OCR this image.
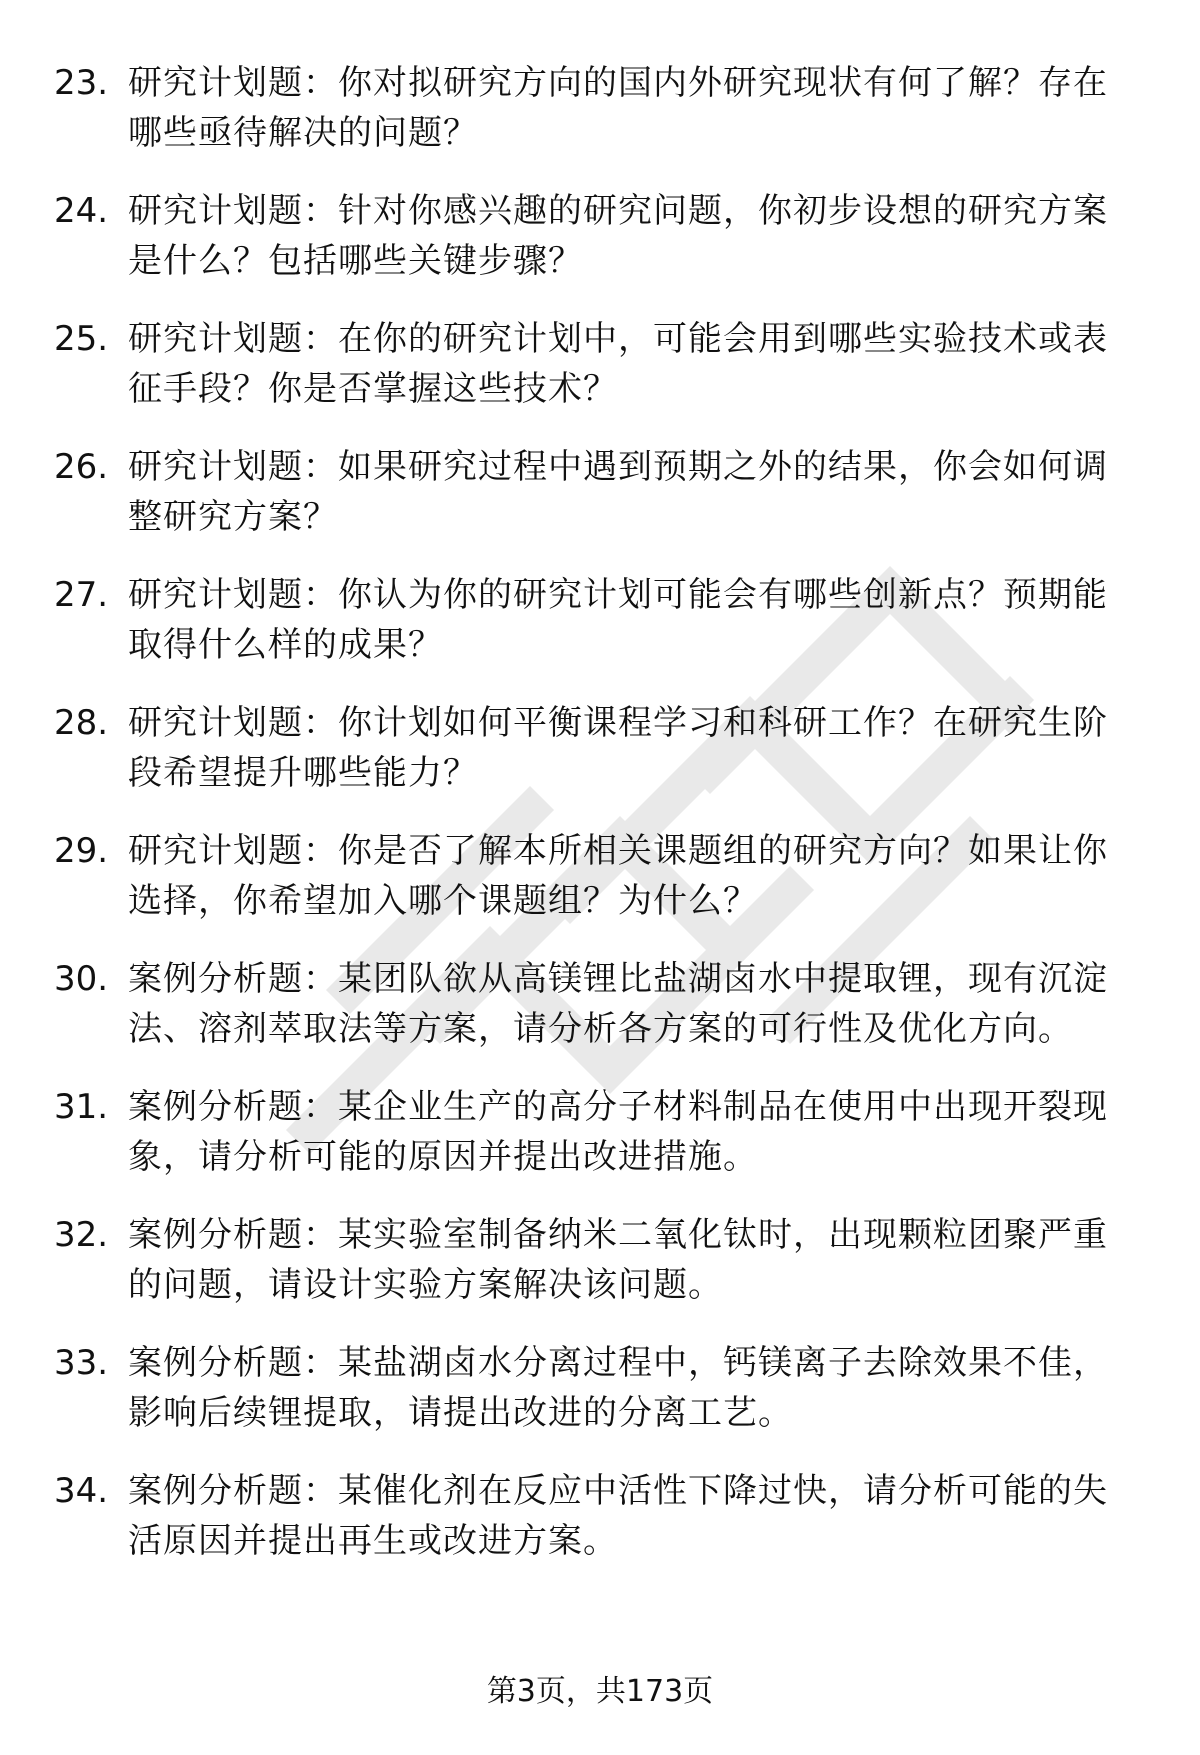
23. 研究计划题：你对拟研究方向的国内外研究现状有何了解？存在哪些亟待解决的问题？
24. 研究计划题：针对你感兴趣的研究问题，你初步设想的研究方案是什么？包括哪些关键步骤？
25. 研究计划题：在你的研究计划中，可能会用到哪些实验技术或表征手段？你是否掌握这些技术？
26. 研究计划题：如果研究过程中遇到预期之外的结果，你会如何调整研究方案？
27. 研究计划题：你认为你的研究计划可能会有哪些创新点？预期能取得什么样的成果？
28. 研究计划题：你计划如何平衡课程学习和科研工作？在研究生阶段希望提升哪些能力？
29. 研究计划题：你是否了解本所相关课题组的研究方向？如果让你选择，你希望加入哪个课题组？为什么？
30. 案例分析题：某团队欲从高镁锂比盐湖卤水中提取锂，现有沉淀法、溶剂萃取法等方案，请分析各方案的可行性及优化方向。
31. 案例分析题：某企业生产的高分子材料制品在使用中出现开裂现象，请分析可能的原因并提出改进措施。
32. 案例分析题：某实验室制备纳米二氧化钛时，出现颗粒团聚严重的问题，请设计实验方案解决该问题。
33. 案例分析题：某盐湖卤水分离过程中，钙镁离子去除效果不佳，影响后续锂提取，请提出改进的分离工艺。
34. 案例分析题：某催化剂在反应中活性下降过快，请分析可能的失活原因并提出再生或改进方案。
第3页，共173页
